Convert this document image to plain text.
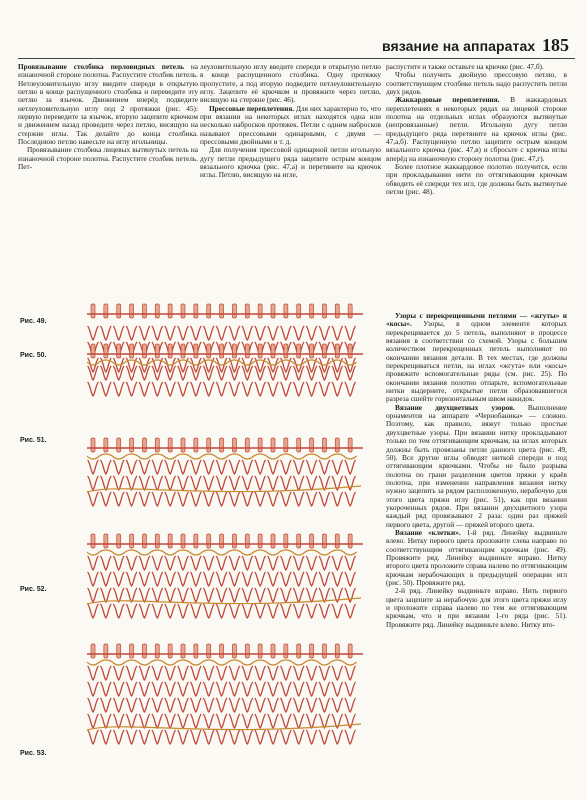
вязание на аппаратах 185

Провязывание столбика перловидных петель на изнаночной стороне полотна. Распустите столбик петель. Нетлеуловительную иглу введите спереди в открытую петлю в конце распущенного столбика и переведите эту петлю за язычок. Движением вперёд подведите нетлеуловительную иглу под 2 протяжки (рис. 45): первую переведите за язычок, вторую зацепите крючком и движением назад проведите через петлю, висящую на стержне иглы. Так делайте до конца столбика. Последнюю петлю навесьте на иглу игольницы.

Провязывание столбика лицевых вытянутых петель на изнаночной стороне полотна. Распустите столбик петель. Пет-

леуловительную иглу введите спереди в открытую петлю в конце распущенного столбика. Одну протяжку пропустите, а под вторую подведите петлеуловительную иглу. Зацепите её крючком и провяжите через петлю, висящую на стержне (рис. 46).

Прессовые переплетения. Для них характерно то, что при вязании на некоторых иглах находятся одна или несколько набросков протяжек. Петли с одним набросков называют прессовыми одинарными, с двумя — прессовыми двойными и т. д.

Для получения прессовой одинарной петли игольную дугу петли предыдущего ряда зацепите острым концом вязального крючка (рис. 47,а) и перетяните на крючок иглы. Петлю, висящую на игле,

распустите и также оставьте на крючке (рис. 47,б).

Чтобы получить двойную прессовую петлю, в соответствующем столбике петель надо распустить петли двух рядов.

Жаккардовые переплетения. В жаккардовых переплетениях в некоторых рядах на лицевой стороне полотна на отдельных иглах образуются вытянутые (непровязанные) петли. Игольную дугу петли предыдущего ряда перетяните на крючок иглы (рис. 47,а,б). Распущенную петлю зацепите острым концом вязального крючка (рис. 47,в) и сбросьте с крючка иглы вперёд на изнаночную сторону полотна (рис. 47,г).

Более плотное жаккардовое полотно получится, если при прокладывании нити по оттягивающим крючкам обводить её спереди тех игл, где должны быть вытянутые петли (рис. 48).

Узоры с перекрещенными петлями — «жгуты» и «косы». Узоры, в одном элементе которых перекрещивается до 5 петель, выполняют в процессе вязания в соответствии со схемой. Узоры с большим количеством перекрещенных петель выполняют по окончании вязания детали. В тех местах, где должны перекрещиваться петли, на иглах «жгута» или «косы» провяжите вспомогательные ряды (см. рис. 25). По окончании вязания полотно отпарьте, вспомогательные нитки выдерните, открытые петли образовавшегося разреза сшейте горизонтальным швом накидок.

Вязание двухцветных узоров. Выполнение орнаментов на аппарате «Чернобаника» — сложно. Поэтому, как правило, вяжут только простые двухцветные узоры. При вязании нитку прокладывают только по тем оттягивающим крючкам, на иглах которых должны быть провязаны петли данного цвета (рис. 49, 50). Все другие иглы обводят ниткой спереди и под оттягивающим крючками. Чтобы не было разрыва полотна по грани разделения цветов пряжи у краёв полотна, при изменении направления вязания нитку нужно зацепить за рядом расположенную, нерабочую для этого цвета пряжи иглу (рис. 51), как при вязании укороченных рядов. При вязании двухцветного узора каждый ряд провязывают 2 раза: один раз пряжей первого цвета, другой — пряжей второго цвета.

Вязание «клетки». 1-й ряд. Линейку выдвиньте влево. Нитку первого цвета проложите слева направо по соответствующим оттягивающим крючкам (рис. 49). Провяжите ряд. Линейку выдвиньте вправо. Нитку второго цвета проложите справа налево по оттягивающим крючкам нерабочающих в предыдущей операции игл (рис. 50). Провяжите ряд.

2-й ряд. Линейку выдвиньте вправо. Нить первого цвета зацепите за нерабочую для этого цвета пряжи иглу и проложите справа налево по тем же оттягивающим крючкам, что и при вязании 1-го ряда (рис. 51). Провяжите ряд. Линейку выдвиньте влево. Нитку вто-

Рис. 49.
Рис. 50.
Рис. 51.
Рис. 52.
Рис. 53.
